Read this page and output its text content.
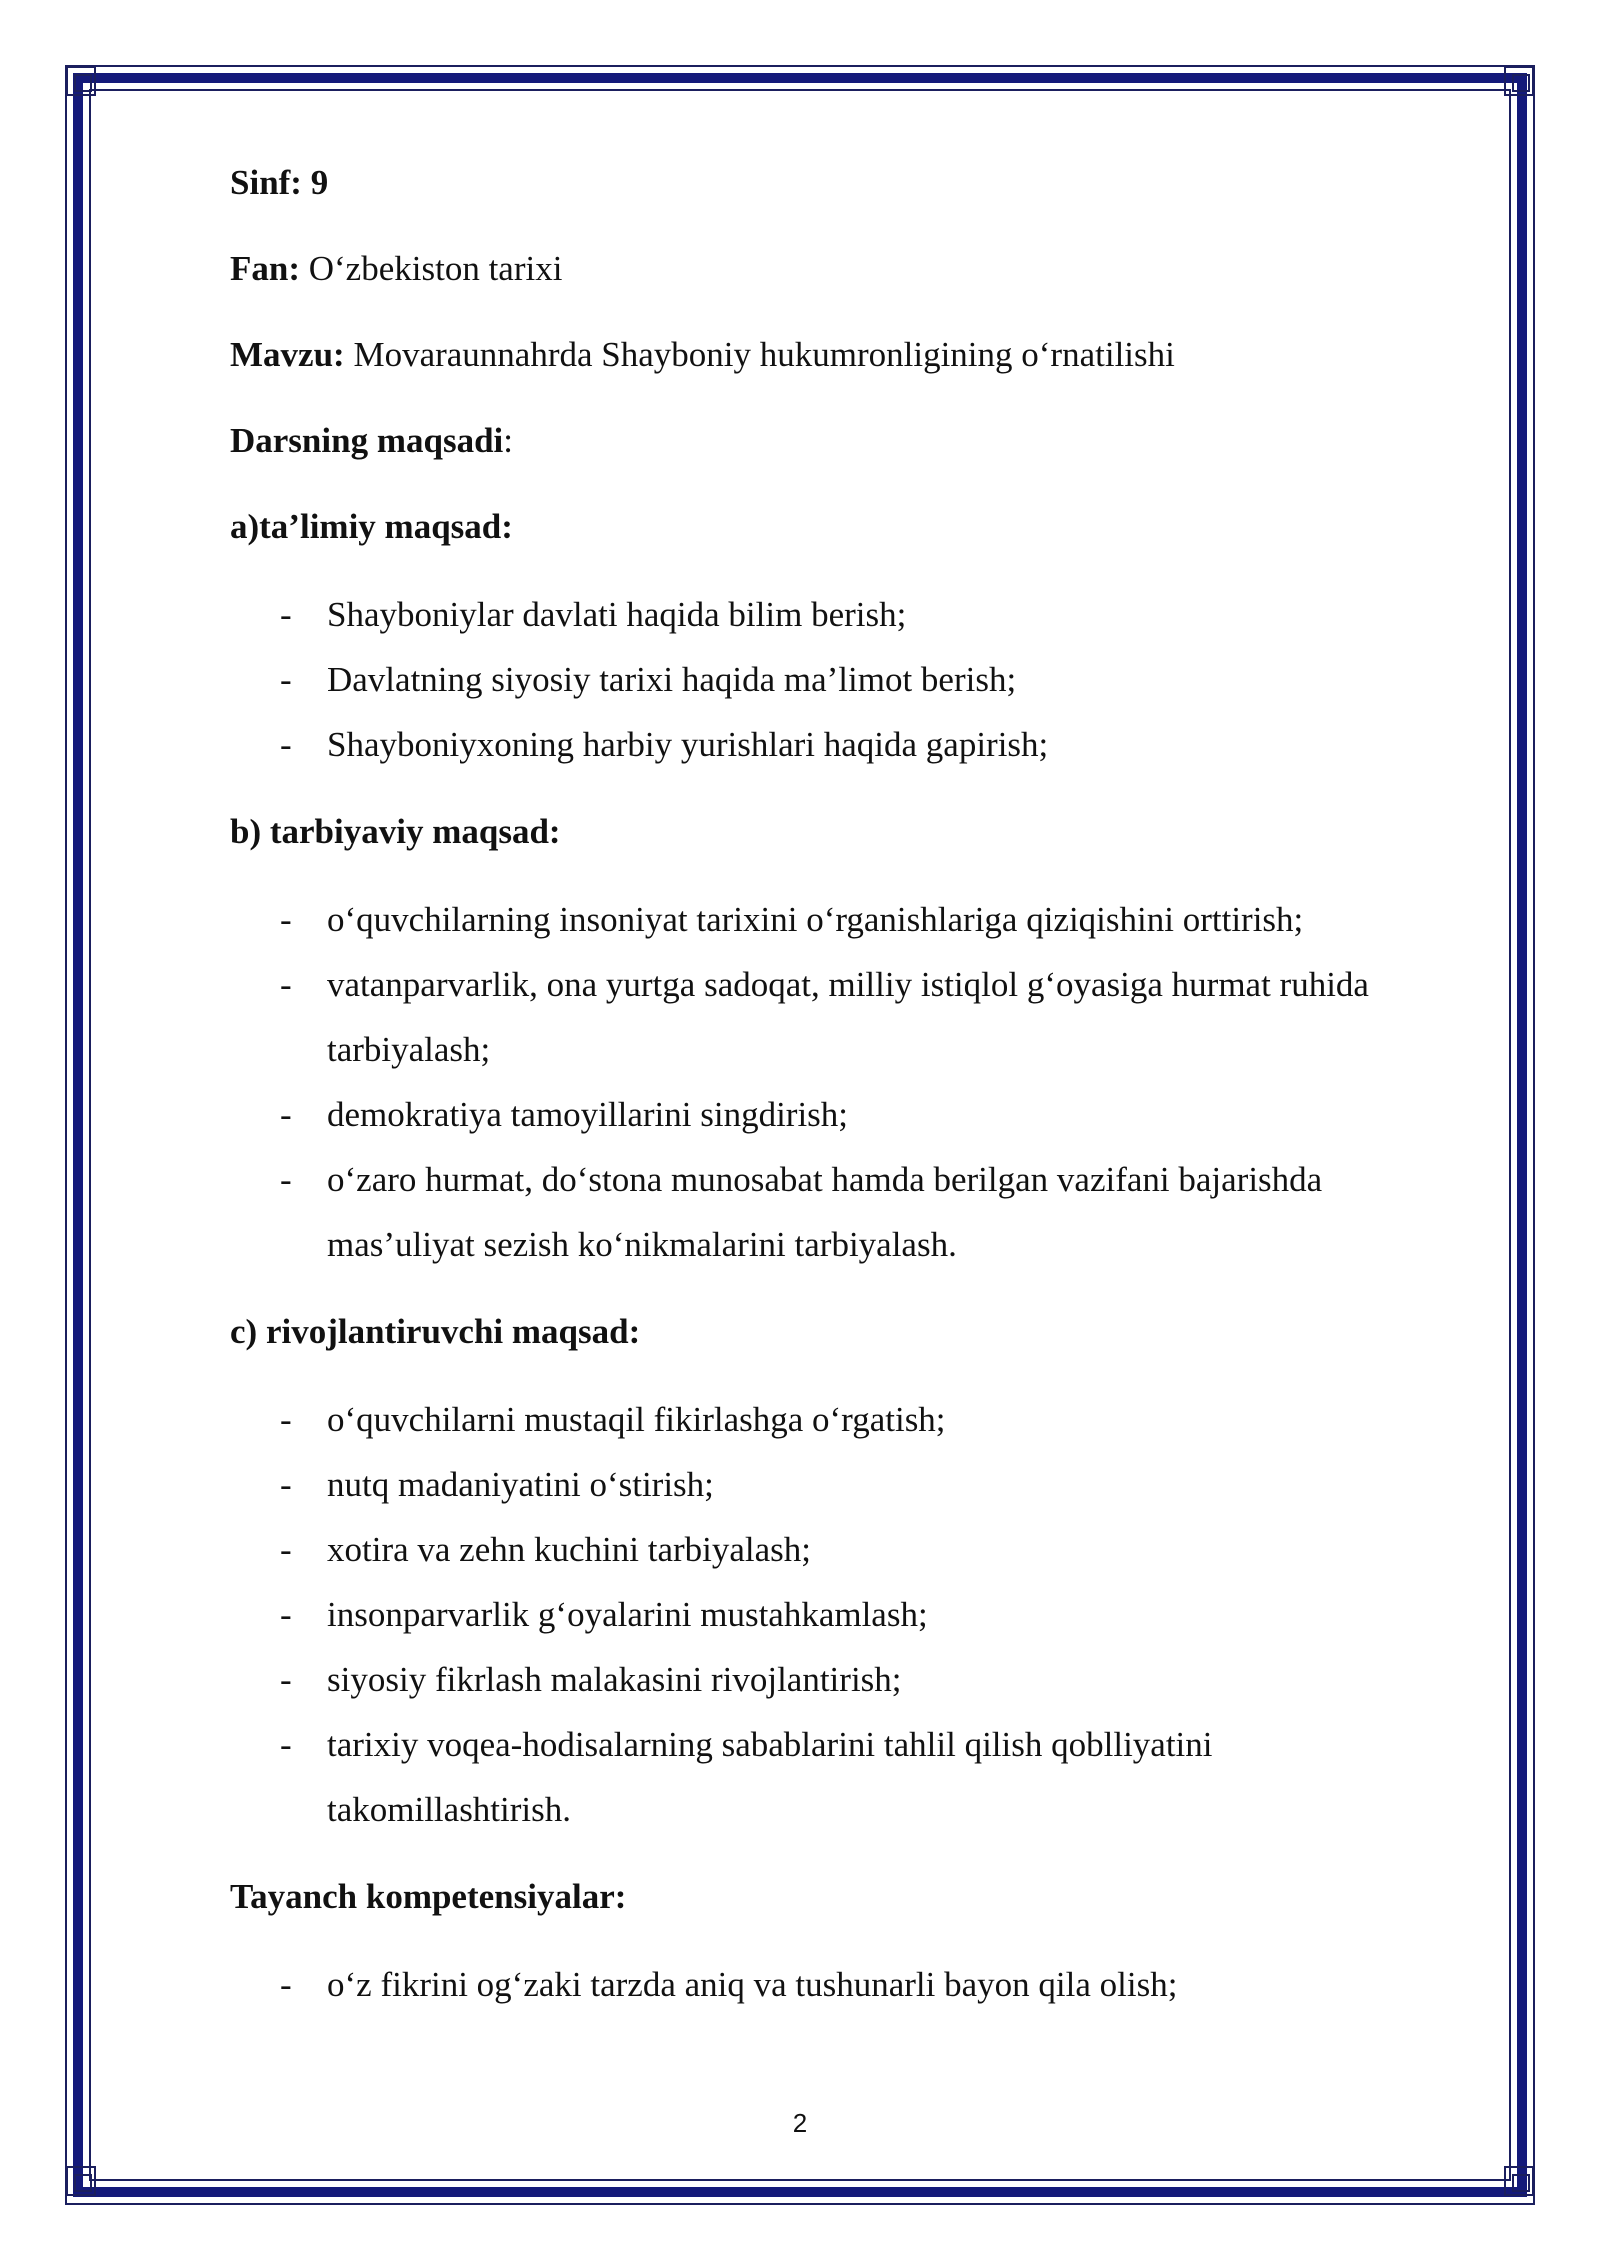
Sinf: 9

Fan: O‘zbekiston tarixi

Mavzu: Movaraunnahrda Shayboniy hukumronligining o‘rnatilishi

Darsning maqsadi:

a)ta’limiy maqsad:

- Shayboniylar davlati haqida bilim berish;
- Davlatning siyosiy tarixi haqida ma’limot berish;
- Shayboniyxoning harbiy yurishlari haqida gapirish;

b) tarbiyaviy maqsad:

- o‘quvchilarning insoniyat tarixini o‘rganishlariga qiziqishini orttirish;
- vatanparvarlik, ona yurtga sadoqat, milliy istiqlol g‘oyasiga hurmat ruhida
tarbiyalash;
- demokratiya tamoyillarini singdirish;
- o‘zaro hurmat, do‘stona munosabat hamda berilgan vazifani bajarishda
mas’uliyat sezish ko‘nikmalarini tarbiyalash.

c) rivojlantiruvchi maqsad:

- o‘quvchilarni mustaqil fikirlashga o‘rgatish;
- nutq madaniyatini o‘stirish;
- xotira va zehn kuchini tarbiyalash;
- insonparvarlik g‘oyalarini mustahkamlash;
- siyosiy fikrlash malakasini rivojlantirish;
- tarixiy voqea-hodisalarning sabablarini tahlil qilish qoblliyatini
takomillashtirish.

Tayanch kompetensiyalar:

- o‘z fikrini og‘zaki tarzda aniq va tushunarli bayon qila olish;
2
